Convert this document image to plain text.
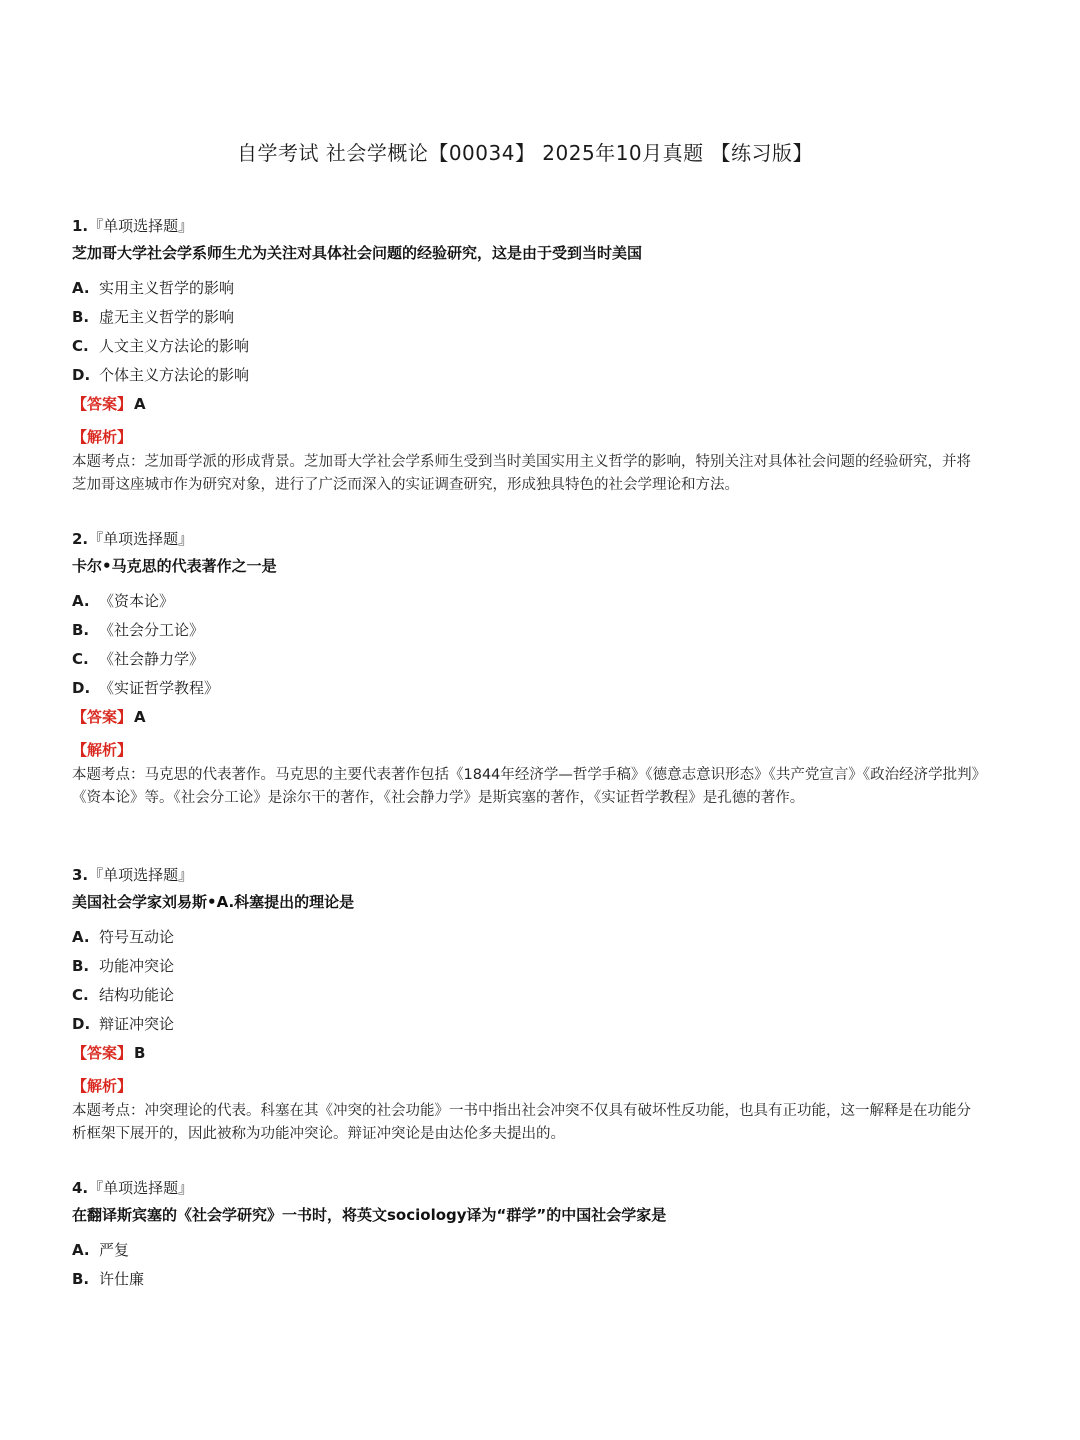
自学考试 社会学概论【00034】 2025年10月真题 【练习版】
1.『单项选择题』
芝加哥大学社会学系师生尤为关注对具体社会问题的经验研究，这是由于受到当时美国
A. 实用主义哲学的影响
B. 虚无主义哲学的影响
C. 人文主义方法论的影响
D. 个体主义方法论的影响
【答案】 A
【解析】
本题考点：芝加哥学派的形成背景。芝加哥大学社会学系师生受到当时美国实用主义哲学的影响，特别关注对具体社会问题的经验研究，并将芝加哥这座城市作为研究对象，进行了广泛而深入的实证调查研究，形成独具特色的社会学理论和方法。
2.『单项选择题』
卡尔•马克思的代表著作之一是
A. 《资本论》
B. 《社会分工论》
C. 《社会静力学》
D. 《实证哲学教程》
【答案】 A
【解析】
本题考点：马克思的代表著作。马克思的主要代表著作包括《1844年经济学—哲学手稿》《德意志意识形态》《共产党宣言》《政治经济学批判》《资本论》等。《社会分工论》是涂尔干的著作，《社会静力学》是斯宾塞的著作，《实证哲学教程》是孔德的著作。
3.『单项选择题』
美国社会学家刘易斯•A.科塞提出的理论是
A. 符号互动论
B. 功能冲突论
C. 结构功能论
D. 辩证冲突论
【答案】 B
【解析】
本题考点：冲突理论的代表。科塞在其《冲突的社会功能》一书中指出社会冲突不仅具有破坏性反功能，也具有正功能，这一解释是在功能分析框架下展开的，因此被称为功能冲突论。辩证冲突论是由达伦多夫提出的。
4.『单项选择题』
在翻译斯宾塞的《社会学研究》一书时，将英文sociology译为“群学”的中国社会学家是
A. 严复
B. 许仕廉
